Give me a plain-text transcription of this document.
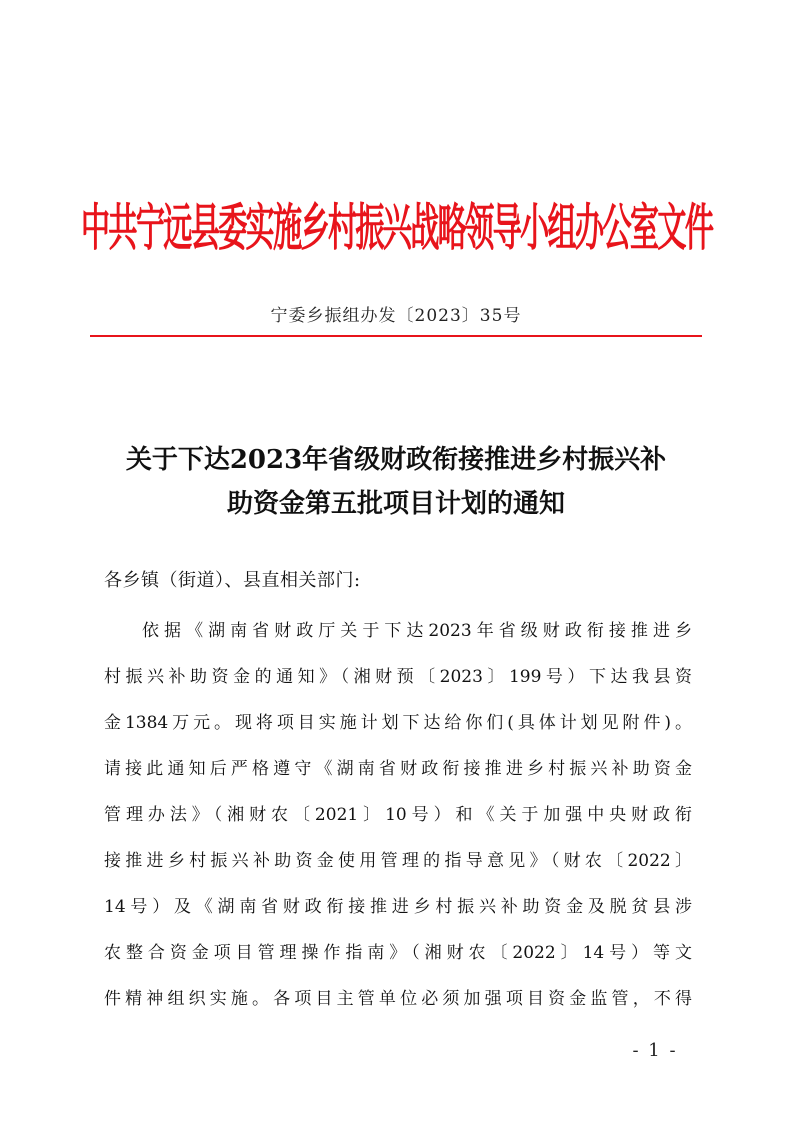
中共宁远县委实施乡村振兴战略领导小组办公室文件
宁委乡振组办发〔2023〕35号
关于下达2023年省级财政衔接推进乡村振兴补
助资金第五批项目计划的通知
各乡镇（街道）、县直相关部门:
依据《湖南省财政厅关于下达2023年省级财政衔接推进乡
村振兴补助资金的通知》（湘财预〔2023〕199号）下达我县资
金1384万元。现将项目实施计划下达给你们(具体计划见附件)。
请接此通知后严格遵守《湖南省财政衔接推进乡村振兴补助资金
管理办法》（湘财农〔2021〕10号）和《关于加强中央财政衔
接推进乡村振兴补助资金使用管理的指导意见》（财农〔2022〕
14号）及《湖南省财政衔接推进乡村振兴补助资金及脱贫县涉
农整合资金项目管理操作指南》（湘财农〔2022〕14号）等文
件精神组织实施。各项目主管单位必须加强项目资金监管，不得
- 1 -
